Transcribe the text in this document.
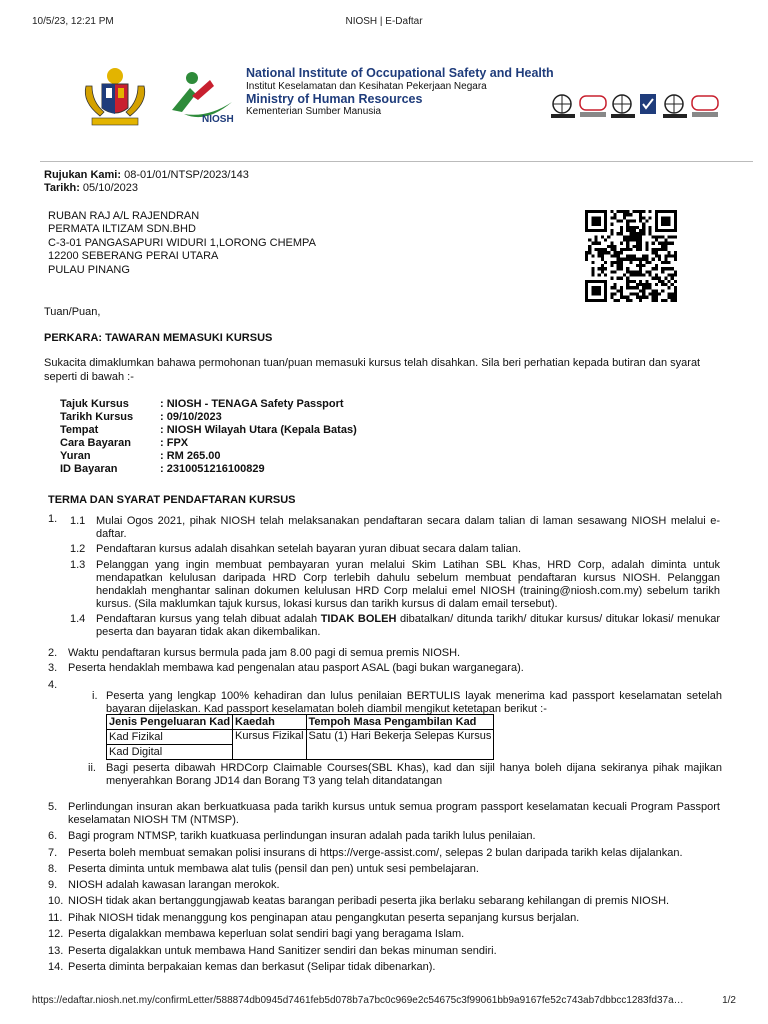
10/5/23, 12:21 PM	NIOSH | E-Daftar
NIOSH
National Institute of Occupational Safety and Health
Institut Keselamatan dan Kesihatan Pekerjaan Negara
Ministry of Human Resources
Kementerian Sumber Manusia
Rujukan Kami: 08-01/01/NTSP/2023/143
Tarikh: 05/10/2023
RUBAN RAJ A/L RAJENDRAN
PERMATA ILTIZAM SDN.BHD
C-3-01 PANGASAPURI WIDURI 1,LORONG CHEMPA
12200 SEBERANG PERAI UTARA
PULAU PINANG
Tuan/Puan,
PERKARA: TAWARAN MEMASUKI KURSUS
Sukacita dimaklumkan bahawa permohonan tuan/puan memasuki kursus telah disahkan. Sila beri perhatian kepada butiran dan syarat seperti di bawah :-
Tajuk Kursus	: NIOSH - TENAGA Safety Passport
Tarikh Kursus	: 09/10/2023
Tempat	: NIOSH Wilayah Utara (Kepala Batas)
Cara Bayaran	: FPX
Yuran	: RM 265.00
ID Bayaran	: 2310051216100829
TERMA DAN SYARAT PENDAFTARAN KURSUS
1. 1.1 Mulai Ogos 2021, pihak NIOSH telah melaksanakan pendaftaran secara dalam talian di laman sesawang NIOSH melalui e-daftar.
1.2 Pendaftaran kursus adalah disahkan setelah bayaran yuran dibuat secara dalam talian.
1.3 Pelanggan yang ingin membuat pembayaran yuran melalui Skim Latihan SBL Khas, HRD Corp, adalah diminta untuk mendapatkan kelulusan daripada HRD Corp terlebih dahulu sebelum membuat pendaftaran kursus NIOSH. Pelanggan hendaklah menghantar salinan dokumen kelulusan HRD Corp melalui emel NIOSH (training@niosh.com.my) sebelum tarikh kursus. (Sila maklumkan tajuk kursus, lokasi kursus dan tarikh kursus di dalam email tersebut).
1.4 Pendaftaran kursus yang telah dibuat adalah TIDAK BOLEH dibatalkan/ ditunda tarikh/ ditukar kursus/ ditukar lokasi/ menukar peserta dan bayaran tidak akan dikembalikan.
2. Waktu pendaftaran kursus bermula pada jam 8.00 pagi di semua premis NIOSH.
3. Peserta hendaklah membawa kad pengenalan atau pasport ASAL (bagi bukan warganegara).
4.
i. Peserta yang lengkap 100% kehadiran dan lulus penilaian BERTULIS layak menerima kad passport keselamatan setelah bayaran dijelaskan. Kad passport keselamatan boleh diambil mengikut ketetapan berikut :-
Jenis Pengeluaran Kad	Kaedah	Tempoh Masa Pengambilan Kad
Kad Fizikal	Kursus Fizikal	Satu (1) Hari Bekerja Selepas Kursus
Kad Digital		
ii. Bagi peserta dibawah HRDCorp Claimable Courses(SBL Khas), kad dan sijil hanya boleh dijana sekiranya pihak majikan menyerahkan Borang JD14 dan Borang T3 yang telah ditandatangan
5. Perlindungan insuran akan berkuatkuasa pada tarikh kursus untuk semua program passport keselamatan kecuali Program Passport keselamatan NIOSH TM (NTMSP).
6. Bagi program NTMSP, tarikh kuatkuasa perlindungan insuran adalah pada tarikh lulus penilaian.
7. Peserta boleh membuat semakan polisi insurans di https://verge-assist.com/, selepas 2 bulan daripada tarikh kelas dijalankan.
8. Peserta diminta untuk membawa alat tulis (pensil dan pen) untuk sesi pembelajaran.
9. NIOSH adalah kawasan larangan merokok.
10. NIOSH tidak akan bertanggungjawab keatas barangan peribadi peserta jika berlaku sebarang kehilangan di premis NIOSH.
11. Pihak NIOSH tidak menanggung kos penginapan atau pengangkutan peserta sepanjang kursus berjalan.
12. Peserta digalakkan membawa keperluan solat sendiri bagi yang beragama Islam.
13. Peserta digalakkan untuk membawa Hand Sanitizer sendiri dan bekas minuman sendiri.
14. Peserta diminta berpakaian kemas dan berkasut (Selipar tidak dibenarkan).
https://edaftar.niosh.net.my/confirmLetter/588874db0945d7461feb5d078b7a7bc0c969e2c54675c3f99061bb9a9167fe52c743ab7dbbcc1283fd37a…	1/2
